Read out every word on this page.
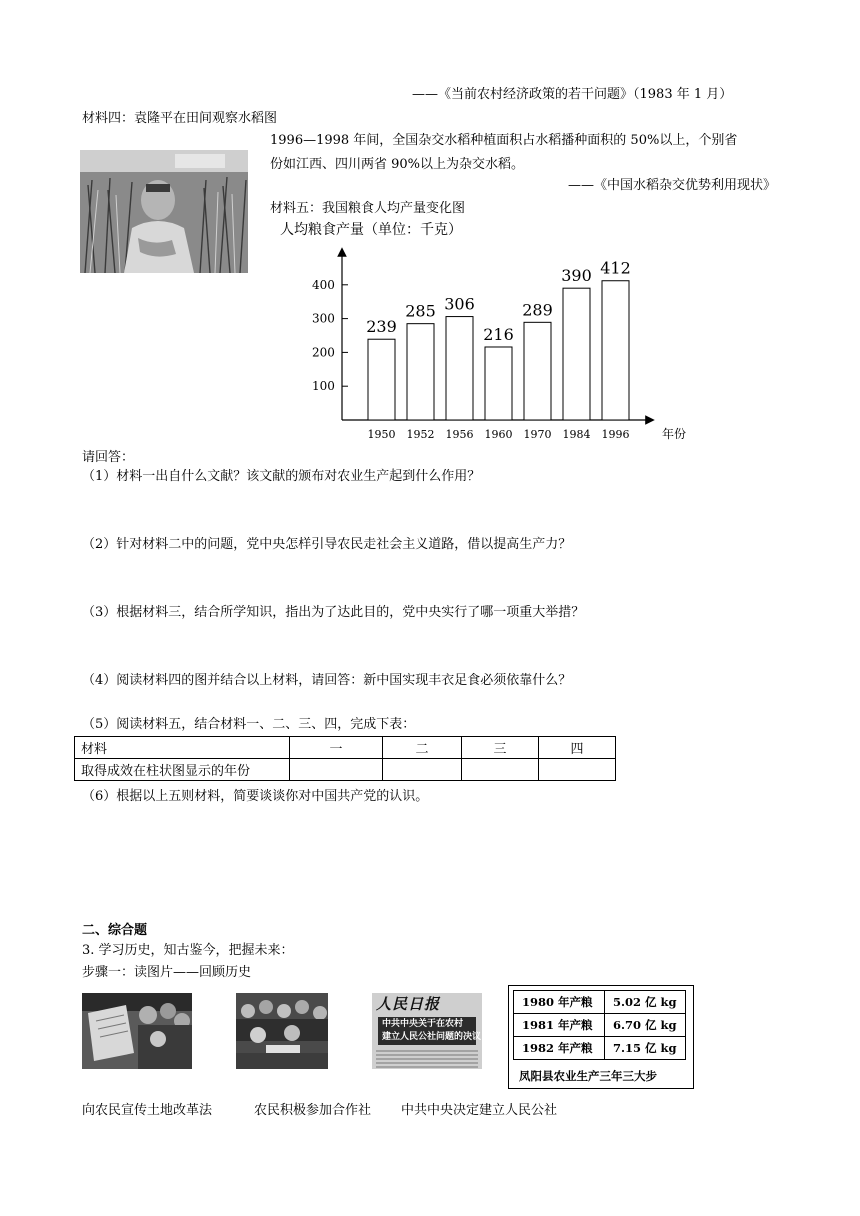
——《当前农村经济政策的若干问题》（1983 年 1 月）
材料四：袁隆平在田间观察水稻图
1996—1998 年间，全国杂交水稻种植面积占水稻播种面积的 50%以上，个别省
份如江西、四川两省 90%以上为杂交水稻。
——《中国水稻杂交优势利用现状》
材料五：我国粮食人均产量变化图
人均粮食产量（单位：千克）
100
200
300
400
239
285 306
216
289
390 412
1950 1952 1956 1960 1970 1984 1996	年份
请回答：
（1）材料一出自什么文献？该文献的颁布对农业生产起到什么作用？
（2）针对材料二中的问题，党中央怎样引导农民走社会主义道路，借以提高生产力？
（3）根据材料三，结合所学知识，指出为了达此目的，党中央实行了哪一项重大举措？
（4）阅读材料四的图并结合以上材料，请回答：新中国实现丰衣足食必须依靠什么？
（5）阅读材料五，结合材料一、二、三、四，完成下表：
材料	一	二	三	四
取得成效在柱状图显示的年份				
（6）根据以上五则材料，简要谈谈你对中国共产党的认识。
二、综合题
3. 学习历史，知古鉴今，把握未来：
步骤一：读图片——回顾历史
人民日报
中共中央关于在农村
建立人民公社问题的决议
1980 年产粮	5.02 亿 kg
1981 年产粮	6.70 亿 kg
1982 年产粮	7.15 亿 kg
凤阳县农业生产三年三大步
向农民宣传土地改革法	农民积极参加合作社 中共中央决定建立人民公社
